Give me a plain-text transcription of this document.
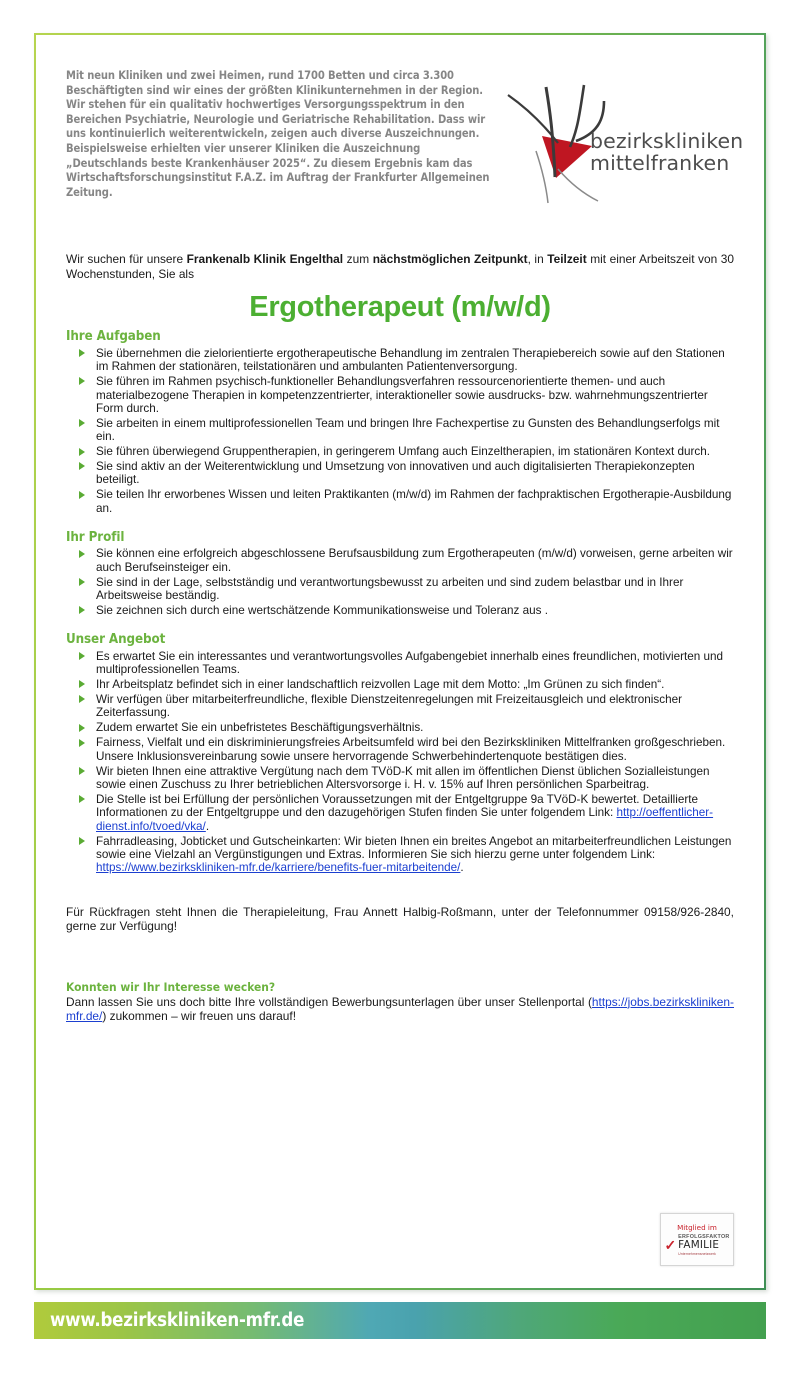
Mit neun Kliniken und zwei Heimen, rund 1700 Betten und circa 3.300 Beschäftigten sind wir eines der größten Klinikunternehmen in der Region. Wir stehen für ein qualitativ hochwertiges Versorgungsspektrum in den Bereichen Psychiatrie, Neurologie und Geriatrische Rehabilitation. Dass wir uns kontinuierlich weiterentwickeln, zeigen auch diverse Auszeichnungen. Beispielsweise erhielten vier unserer Kliniken die Auszeichnung „Deutschlands beste Krankenhäuser 2025“. Zu diesem Ergebnis kam das Wirtschaftsforschungsinstitut F.A.Z. im Auftrag der Frankfurter Allgemeinen Zeitung.
bezirkskliniken
mittelfranken

Wir suchen für unsere Frankenalb Klinik Engelthal zum nächstmöglichen Zeitpunkt, in Teilzeit mit einer Arbeitszeit von 30 Wochenstunden, Sie als

Ergotherapeut (m/w/d)
Ihre Aufgaben
Sie übernehmen die zielorientierte ergotherapeutische Behandlung im zentralen Therapiebereich sowie auf den Stationen im Rahmen der stationären, teilstationären und ambulanten Patientenversorgung.
Sie führen im Rahmen psychisch-funktioneller Behandlungsverfahren ressourcenorientierte themen- und auch materialbezogene Therapien in kompetenzzentrierter, interaktioneller sowie ausdrucks- bzw. wahrnehmungszentrierter Form durch.
Sie arbeiten in einem multiprofessionellen Team und bringen Ihre Fachexpertise zu Gunsten des Behandlungserfolgs mit ein.
Sie führen überwiegend Gruppentherapien, in geringerem Umfang auch Einzeltherapien, im stationären Kontext durch.
Sie sind aktiv an der Weiterentwicklung und Umsetzung von innovativen und auch digitalisierten Therapiekonzepten beteiligt.
Sie teilen Ihr erworbenes Wissen und leiten Praktikanten (m/w/d) im Rahmen der fachpraktischen Ergotherapie-Ausbildung an.
Ihr Profil
Sie können eine erfolgreich abgeschlossene Berufsausbildung zum Ergotherapeuten (m/w/d) vorweisen, gerne arbeiten wir auch Berufseinsteiger ein.
Sie sind in der Lage, selbstständig und verantwortungsbewusst zu arbeiten und sind zudem belastbar und in Ihrer Arbeitsweise beständig.
Sie zeichnen sich durch eine wertschätzende Kommunikationsweise und Toleranz aus .
Unser Angebot
Es erwartet Sie ein interessantes und verantwortungsvolles Aufgabengebiet innerhalb eines freundlichen, motivierten und multiprofessionellen Teams.
Ihr Arbeitsplatz befindet sich in einer landschaftlich reizvollen Lage mit dem Motto: „Im Grünen zu sich finden“.
Wir verfügen über mitarbeiterfreundliche, flexible Dienstzeitenregelungen mit Freizeitausgleich und elektronischer Zeiterfassung.
Zudem erwartet Sie ein unbefristetes Beschäftigungsverhältnis.
Fairness, Vielfalt und ein diskriminierungsfreies Arbeitsumfeld wird bei den Bezirkskliniken Mittelfranken großgeschrieben. Unsere Inklusionsvereinbarung sowie unsere hervorragende Schwerbehindertenquote bestätigen dies.
Wir bieten Ihnen eine attraktive Vergütung nach dem TVöD-K mit allen im öffentlichen Dienst üblichen Sozialleistungen sowie einen Zuschuss zu Ihrer betrieblichen Altersvorsorge i. H. v. 15% auf Ihren persönlichen Sparbeitrag.
Die Stelle ist bei Erfüllung der persönlichen Voraussetzungen mit der Entgeltgruppe 9a TVöD-K bewertet. Detaillierte Informationen zu der Entgeltgruppe und den dazugehörigen Stufen finden Sie unter folgendem Link: http://oeffentlicher-dienst.info/tvoed/vka/.
Fahrradleasing, Jobticket und Gutscheinkarten: Wir bieten Ihnen ein breites Angebot an mitarbeiterfreundlichen Leistungen sowie eine Vielzahl an Vergünstigungen und Extras. Informieren Sie sich hierzu gerne unter folgendem Link:
https://www.bezirkskliniken-mfr.de/karriere/benefits-fuer-mitarbeitende/.

Für Rückfragen steht Ihnen die Therapieleitung, Frau Annett Halbig-Roßmann, unter der Telefonnummer 09158/926-2840, gerne zur Verfügung!

Konnten wir Ihr Interesse wecken?
Dann lassen Sie uns doch bitte Ihre vollständigen Bewerbungsunterlagen über unser Stellenportal (https://jobs.bezirkskliniken-mfr.de/) zukommen – wir freuen uns darauf!
Mitglied im
✓ ERFOLGSFAKTOR
FAMILIE
Unternehmensnetzwerk
www.bezirkskliniken-mfr.de
